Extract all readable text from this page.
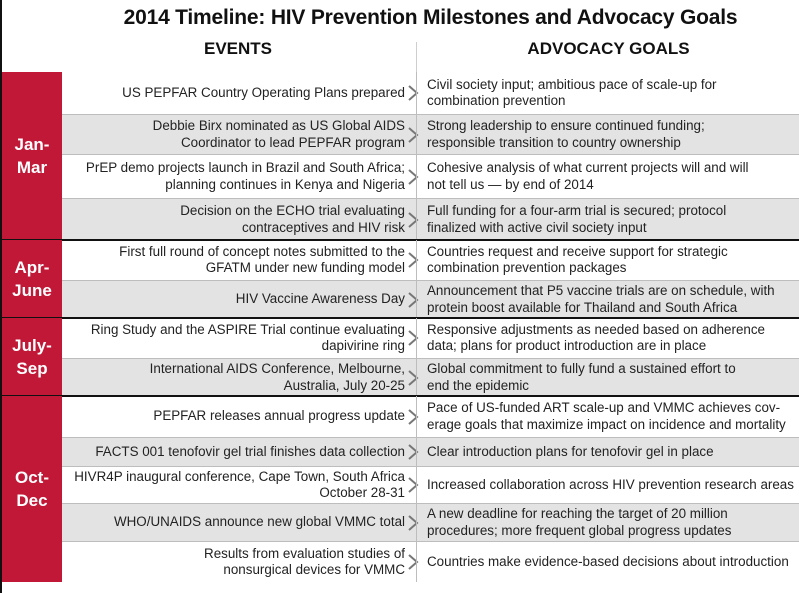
2014 Timeline: HIV Prevention Milestones and Advocacy Goals
EVENTS	ADVOCACY GOALS
Jan-
Mar
US PEPFAR Country Operating Plans prepared
Civil society input; ambitious pace of scale-up for
combination prevention
Debbie Birx nominated as US Global AIDS
Coordinator to lead PEPFAR program
Strong leadership to ensure continued funding;
responsible transition to country ownership
PrEP demo projects launch in Brazil and South Africa;
planning continues in Kenya and Nigeria
Cohesive analysis of what current projects will and will
not tell us — by end of 2014
Decision on the ECHO trial evaluating
contraceptives and HIV risk
Full funding for a four-arm trial is secured; protocol
finalized with active civil society input
Apr-
June
First full round of concept notes submitted to the
GFATM under new funding model
Countries request and receive support for strategic
combination prevention packages
HIV Vaccine Awareness Day
Announcement that P5 vaccine trials are on schedule, with
protein boost available for Thailand and South Africa
July-
Sep
Ring Study and the ASPIRE Trial continue evaluating
dapivirine ring
Responsive adjustments as needed based on adherence
data; plans for product introduction are in place
International AIDS Conference, Melbourne,
Australia, July 20-25
Global commitment to fully fund a sustained effort to
end the epidemic
Oct-
Dec
PEPFAR releases annual progress update
Pace of US-funded ART scale-up and VMMC achieves cov-
erage goals that maximize impact on incidence and mortality
FACTS 001 tenofovir gel trial finishes data collection Clear introduction plans for tenofovir gel in place
HIVR4P inaugural conference, Cape Town, South Africa
October 28-31
Increased collaboration across HIV prevention research areas
WHO/UNAIDS announce new global VMMC total
A new deadline for reaching the target of 20 million
procedures; more frequent global progress updates
Results from evaluation studies of
nonsurgical devices for VMMC
Countries make evidence-based decisions about introduction
